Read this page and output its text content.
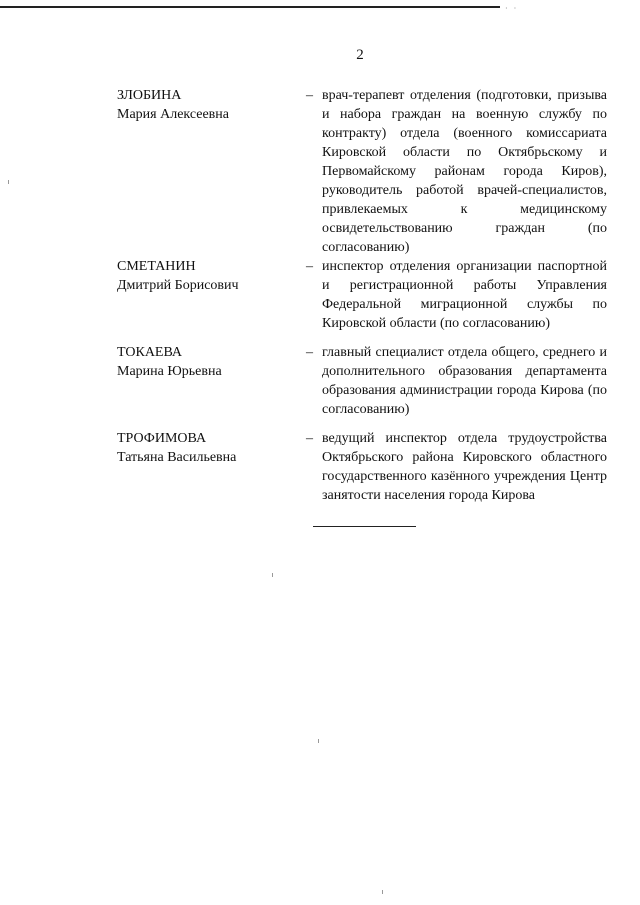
· ·
2
ЗЛОБИНА
Мария Алексеевна
– врач-терапевт отделения (подготовки, призыва и набора граждан на военную службу по контракту) отдела (военного комиссариата Кировской области по Октябрьскому и Первомайскому районам города Киров), руководитель работой врачей-специалистов, привлекаемых к медицинскому освидетельствованию граждан (по согласованию)
СМЕТАНИН
Дмитрий Борисович
– инспектор отделения организации паспортной и регистрационной работы Управления Федеральной миграционной службы по Кировской области (по согласованию)
ТОКАЕВА
Марина Юрьевна
– главный специалист отдела общего, среднего и дополнительного образования департамента образования администрации города Кирова (по согласованию)
ТРОФИМОВА
Татьяна Васильевна
– ведущий инспектор отдела трудоустройства Октябрьского района Кировского областного государственного казённого учреждения Центр занятости населения города Кирова
